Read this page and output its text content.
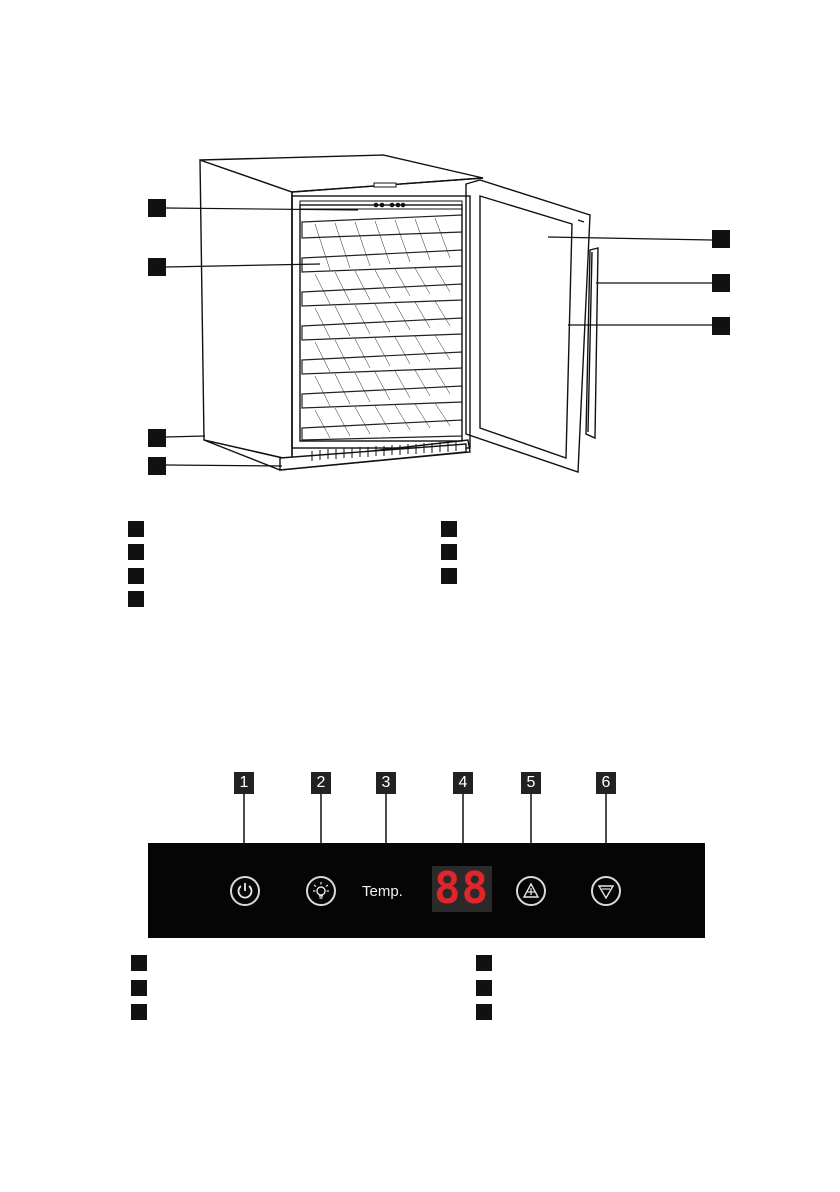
1	2	3	4	5	6
Temp. 88
